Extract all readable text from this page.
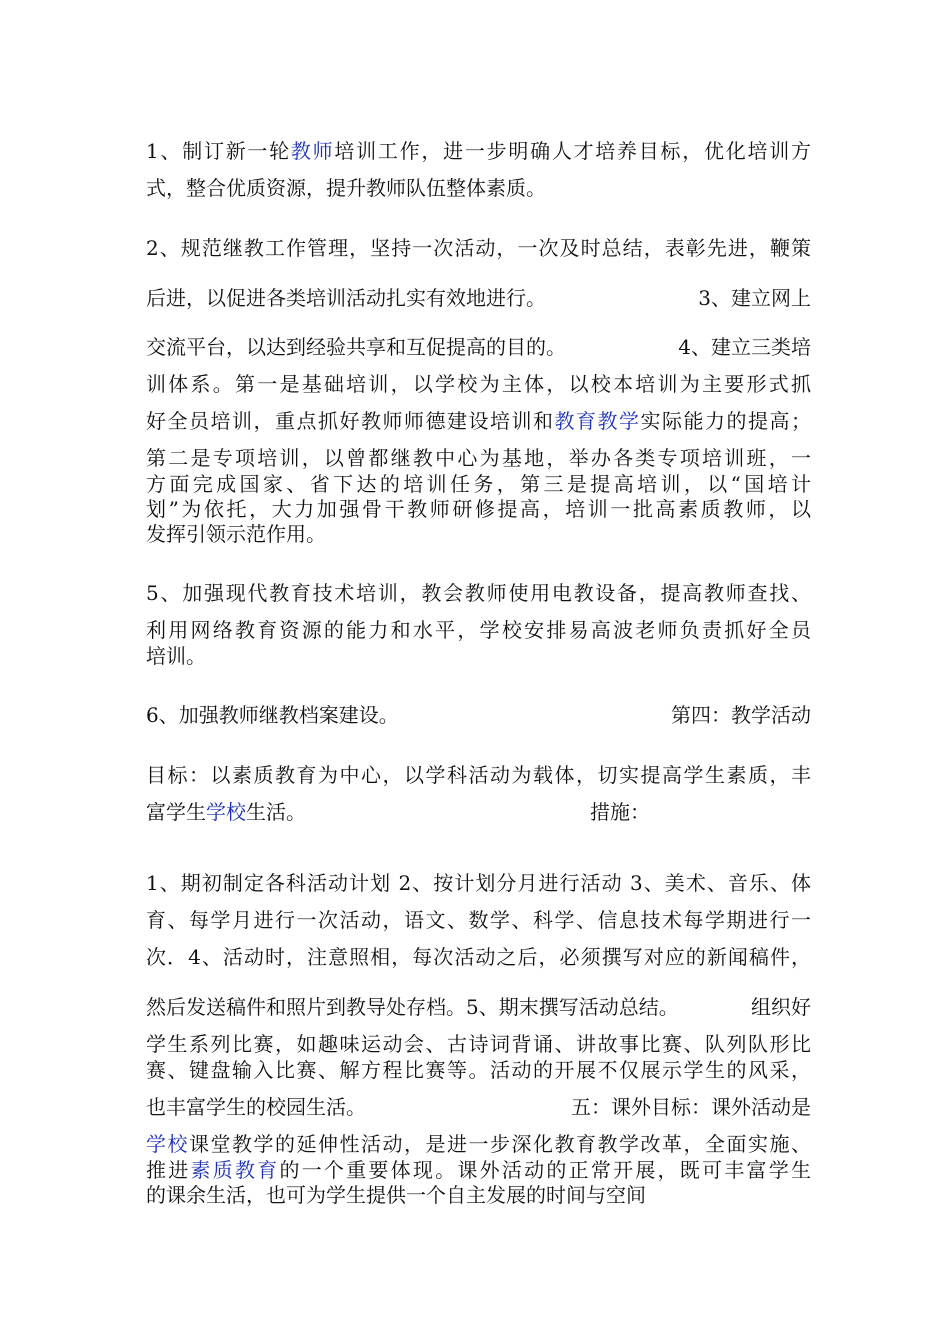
1、制订新一轮教师培训工作，进一步明确人才培养目标，优化培训方
式，整合优质资源，提升教师队伍整体素质。
2、规范继教工作管理，坚持一次活动，一次及时总结，表彰先进，鞭策
后进，以促进各类培训活动扎实有效地进行。	3、建立网上
交流平台，以达到经验共享和互促提高的目的。	4、建立三类培
训体系。第一是基础培训，以学校为主体，以校本培训为主要形式抓
好全员培训，重点抓好教师师德建设培训和教育教学实际能力的提高；
第二是专项培训，以曾都继教中心为基地，举办各类专项培训班，一
方面完成国家、省下达的培训任务，第三是提高培训，以“国培计
划”为依托，大力加强骨干教师研修提高，培训一批高素质教师，以
发挥引领示范作用。
5、加强现代教育技术培训，教会教师使用电教设备，提高教师查找、
利用网络教育资源的能力和水平，学校安排易高波老师负责抓好全员
培训。
6、加强教师继教档案建设。	第四：教学活动
目标：以素质教育为中心，以学科活动为载体，切实提高学生素质，丰
富学生学校生活。	措施：
1、期初制定各科活动计划 2、按计划分月进行活动 3、美术、音乐、体
育、每学月进行一次活动，语文、数学、科学、信息技术每学期进行一
次．4、活动时，注意照相，每次活动之后，必须撰写对应的新闻稿件，
然后发送稿件和照片到教导处存档。5、期末撰写活动总结。	组织好
学生系列比赛，如趣味运动会、古诗词背诵、讲故事比赛、队列队形比
赛、键盘输入比赛、解方程比赛等。活动的开展不仅展示学生的风采，
也丰富学生的校园生活。	五：课外目标：课外活动是
学校课堂教学的延伸性活动，是进一步深化教育教学改革，全面实施、
推进素质教育的一个重要体现。课外活动的正常开展，既可丰富学生
的课余生活，也可为学生提供一个自主发展的时间与空间
